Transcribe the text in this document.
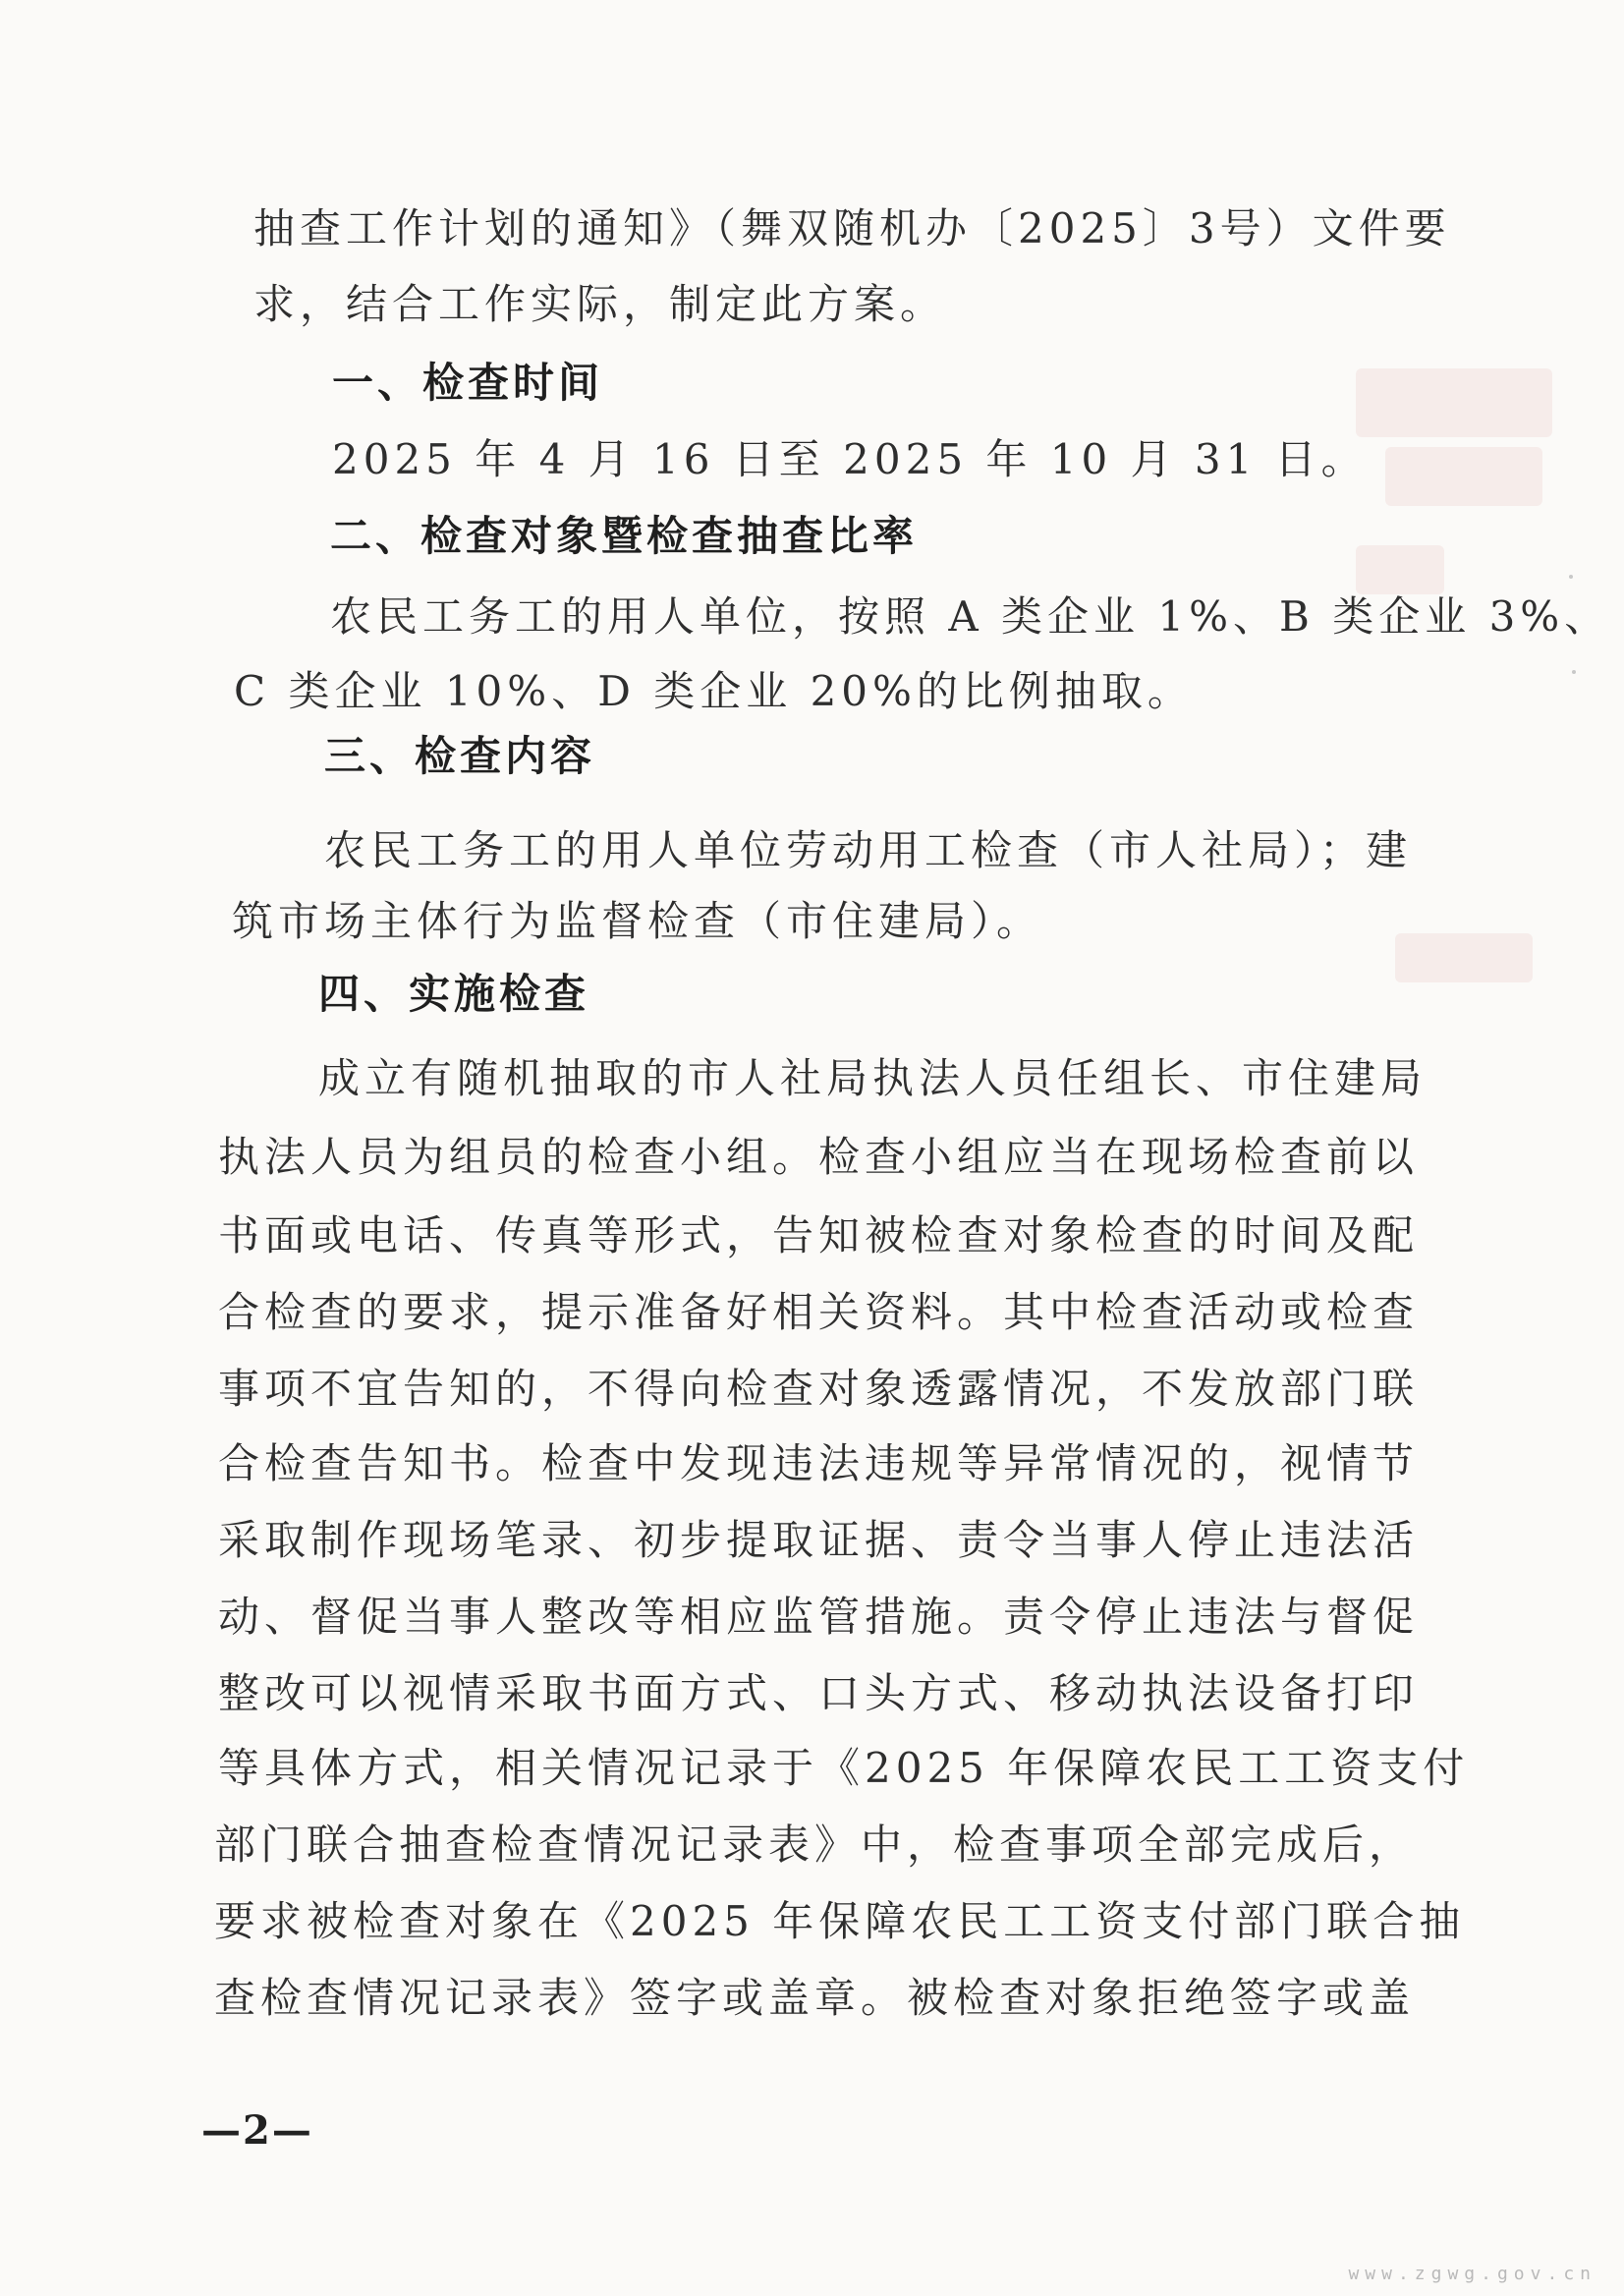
抽查工作计划的通知》（舞双随机办〔2025〕3号）文件要
求，结合工作实际，制定此方案。
一、检查时间
2025 年 4 月 16 日至 2025 年 10 月 31 日。
二、检查对象暨检查抽查比率
农民工务工的用人单位，按照 A 类企业 1%、B 类企业 3%、
C 类企业 10%、D 类企业 20%的比例抽取。
三、检查内容
农民工务工的用人单位劳动用工检查（市人社局）；建
筑市场主体行为监督检查（市住建局）。
四、实施检查
成立有随机抽取的市人社局执法人员任组长、市住建局
执法人员为组员的检查小组。检查小组应当在现场检查前以
书面或电话、传真等形式，告知被检查对象检查的时间及配
合检查的要求，提示准备好相关资料。其中检查活动或检查
事项不宜告知的，不得向检查对象透露情况，不发放部门联
合检查告知书。检查中发现违法违规等异常情况的，视情节
采取制作现场笔录、初步提取证据、责令当事人停止违法活
动、督促当事人整改等相应监管措施。责令停止违法与督促
整改可以视情采取书面方式、口头方式、移动执法设备打印
等具体方式，相关情况记录于《2025 年保障农民工工资支付
部门联合抽查检查情况记录表》中，检查事项全部完成后，
要求被检查对象在《2025 年保障农民工工资支付部门联合抽
查检查情况记录表》签字或盖章。被检查对象拒绝签字或盖
—2—
www.zgwg.gov.cn
